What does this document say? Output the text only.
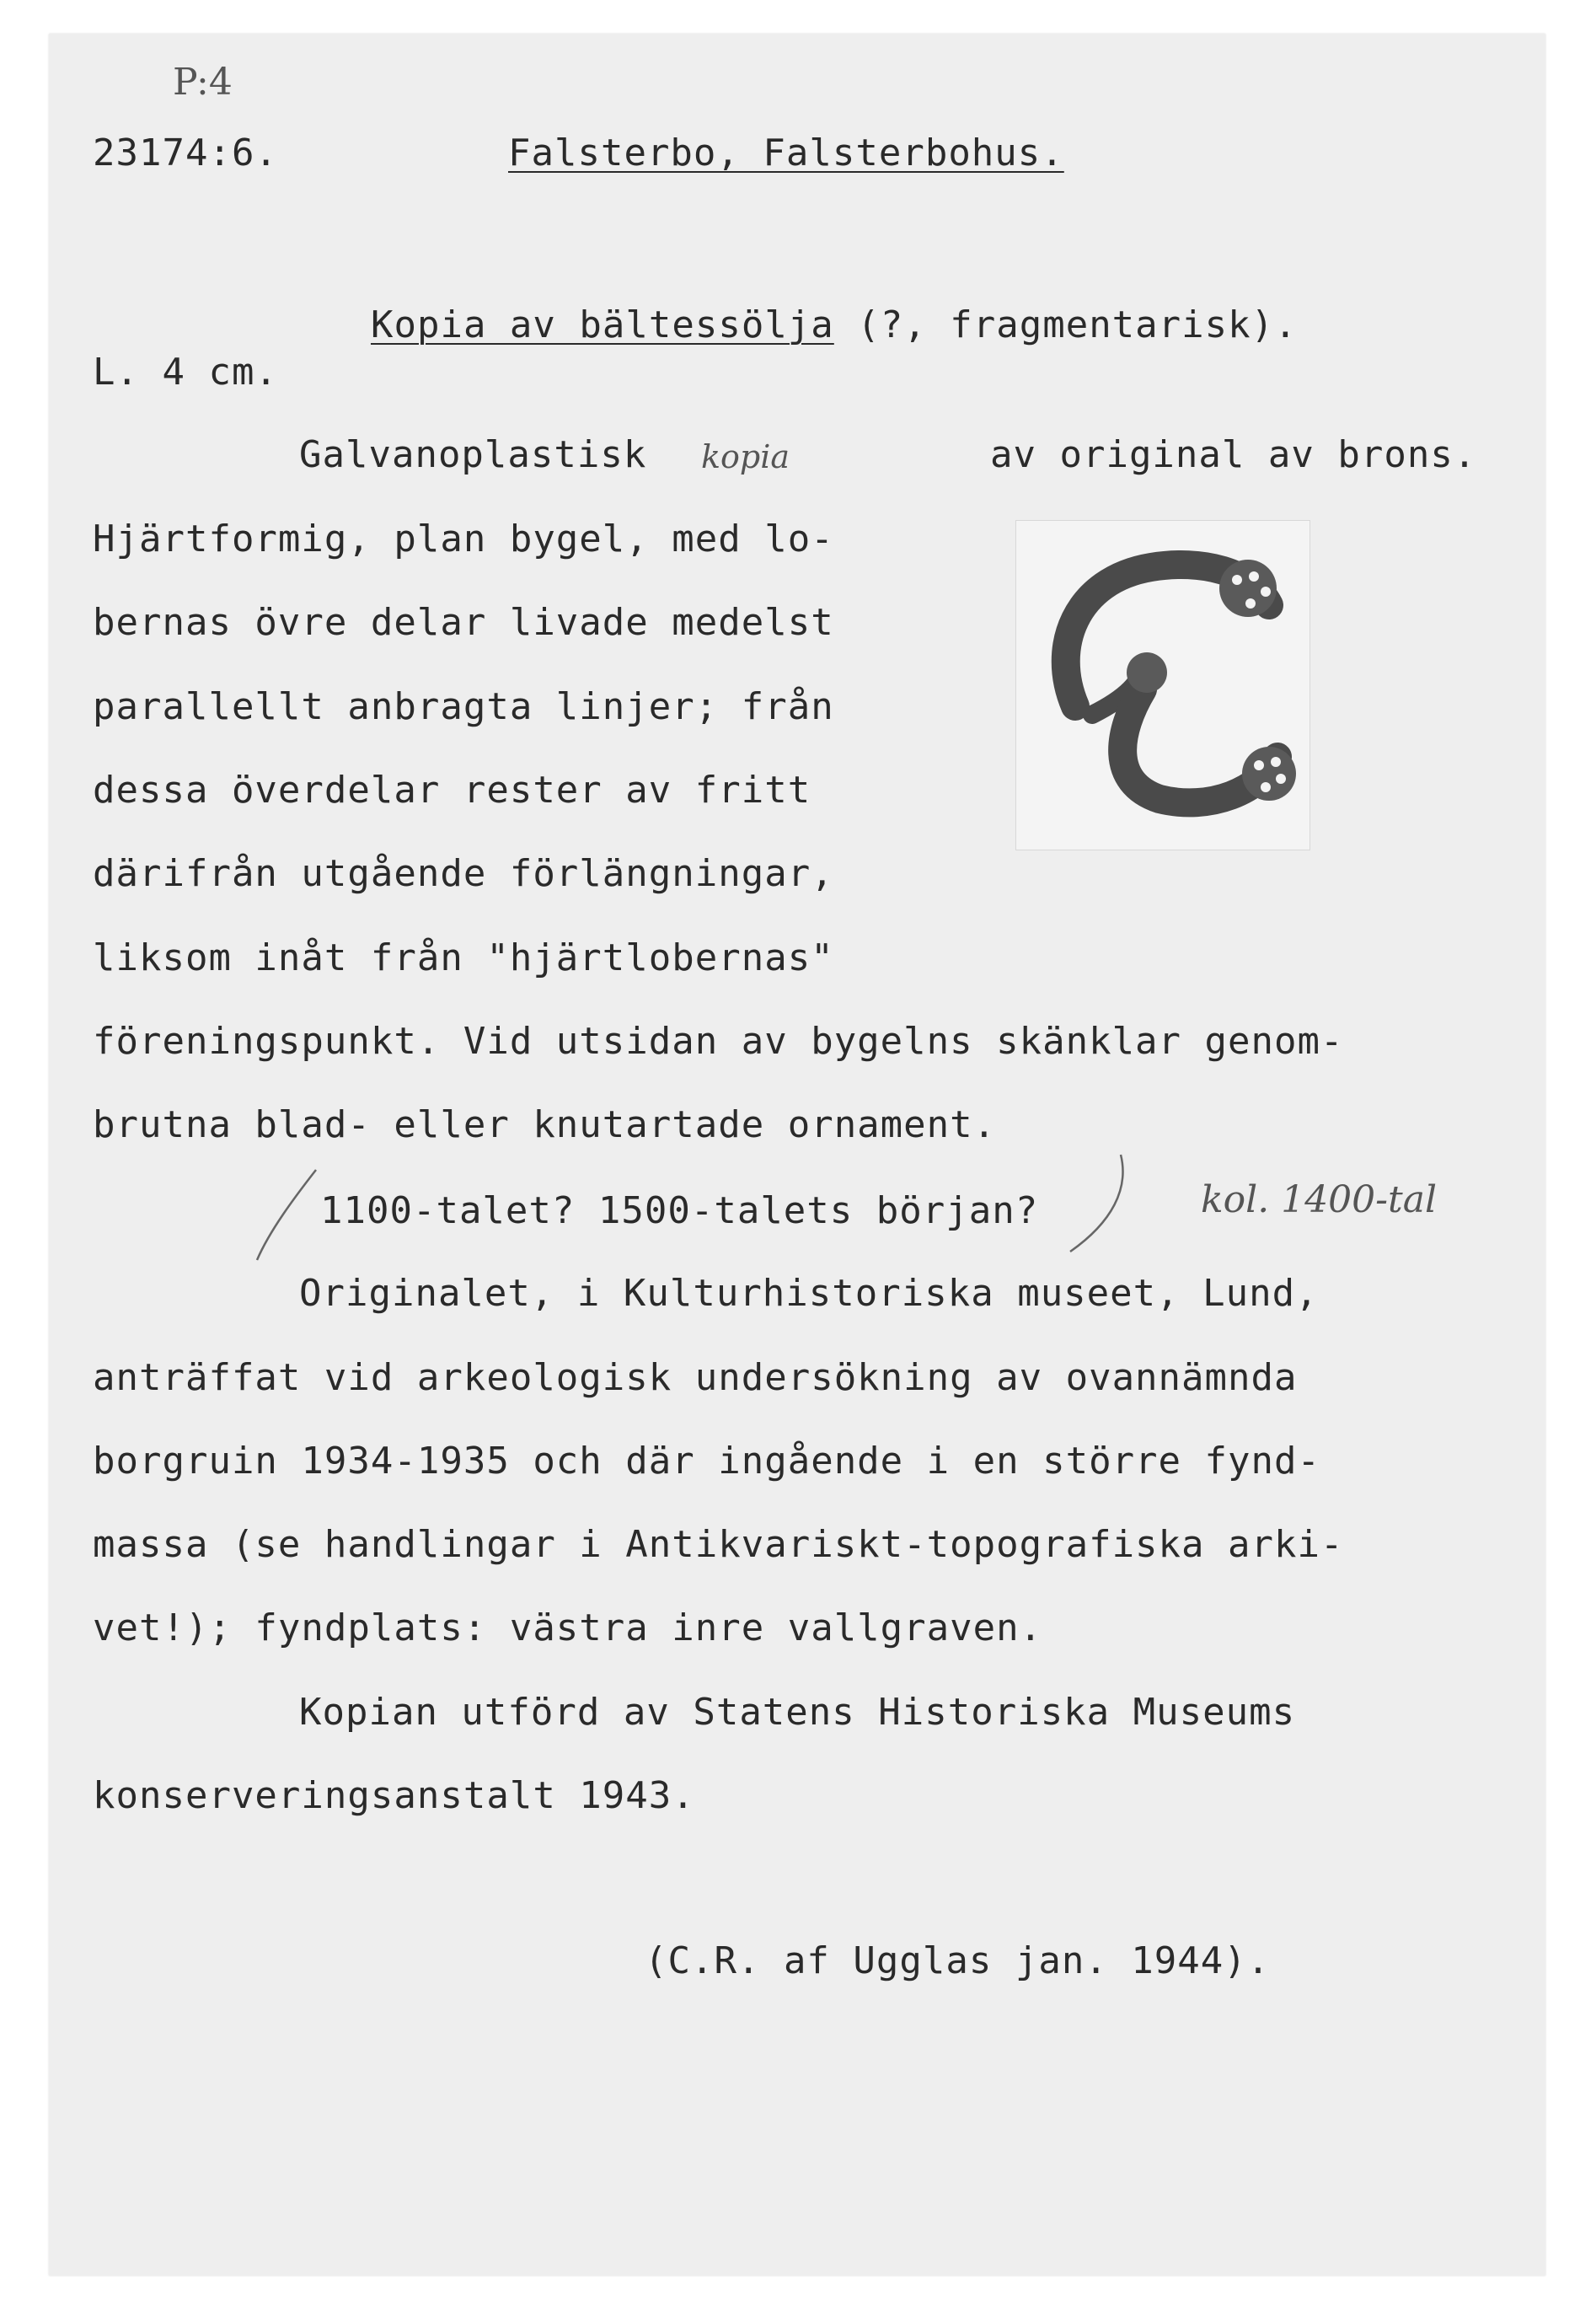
P:4
23174:6.	Falsterbo, Falsterbohus.

Kopia av bältessölja (?, fragmentarisk).

L. 4 cm.
Galvanoplastisk kopia	av original av brons.
Hjärtformig, plan bygel, med lo-
bernas övre delar livade medelst
parallellt anbragta linjer; från
dessa överdelar rester av fritt
därifrån utgående förlängningar,
liksom inåt från "hjärtlobernas"
föreningspunkt. Vid utsidan av bygelns skänklar genom-
brutna blad- eller knutartade ornament.
1100-talet? 1500-talets början?	kol. 1400-tal
Originalet, i Kulturhistoriska museet, Lund,
anträffat vid arkeologisk undersökning av ovannämnda
borgruin 1934-1935 och där ingående i en större fynd-
massa (se handlingar i Antikvariskt-topografiska arki-
vet!); fyndplats: västra inre vallgraven.
Kopian utförd av Statens Historiska Museums
konserveringsanstalt 1943.
(C.R. af Ugglas jan. 1944).
